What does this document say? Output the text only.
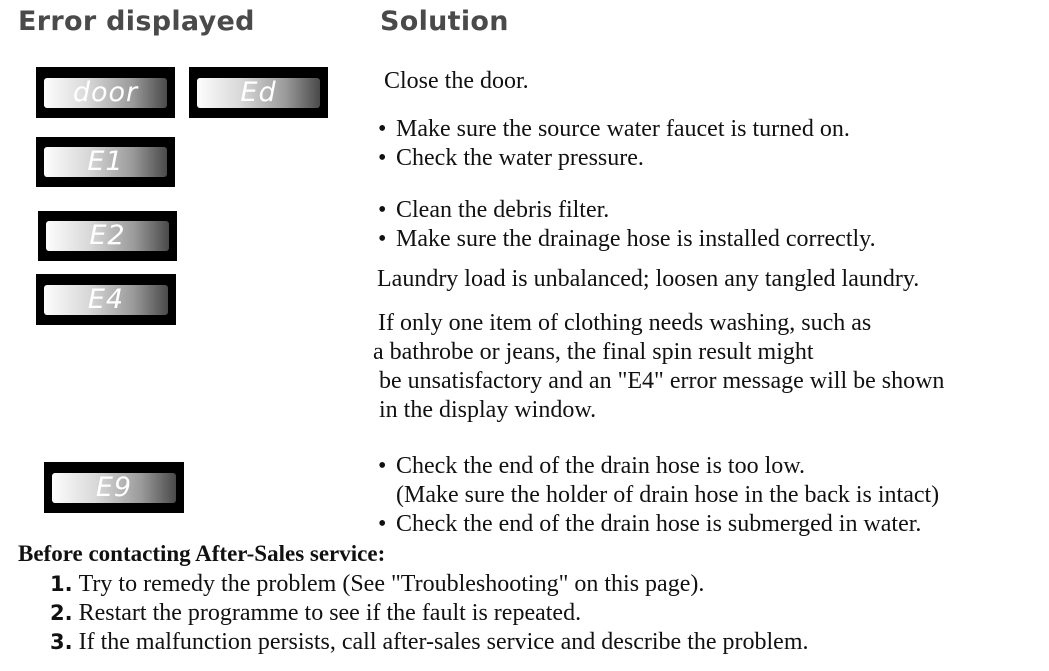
Error displayed	Solution
door	Ed
E1
E2
E4
E9

Close the door.

• Make sure the source water faucet is turned on.

• Check the water pressure.

• Clean the debris filter.

• Make sure the drainage hose is installed correctly.

Laundry load is unbalanced; loosen any tangled laundry.

If only one item of clothing needs washing, such as

a bathrobe or jeans, the final spin result might

be unsatisfactory and an "E4" error message will be shown

in the display window.

• Check the end of the drain hose is too low.

(Make sure the holder of drain hose in the back is intact)

• Check the end of the drain hose is submerged in water.

Before contacting After-Sales service:

1. Try to remedy the problem (See "Troubleshooting" on this page).
2. Restart the programme to see if the fault is repeated.
3. If the malfunction persists, call after-sales service and describe the problem.
